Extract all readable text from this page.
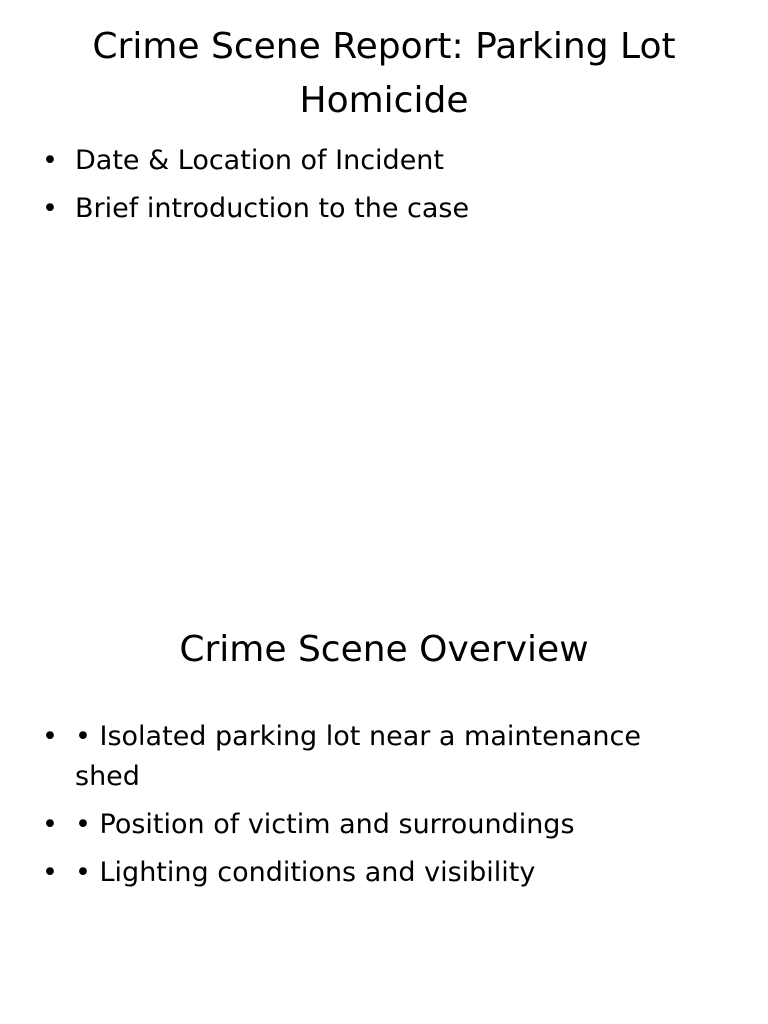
Crime Scene Report: Parking Lot Homicide
• Date & Location of Incident
• Brief introduction to the case
Crime Scene Overview
• • Isolated parking lot near a maintenance shed
• • Position of victim and surroundings
• • Lighting conditions and visibility
